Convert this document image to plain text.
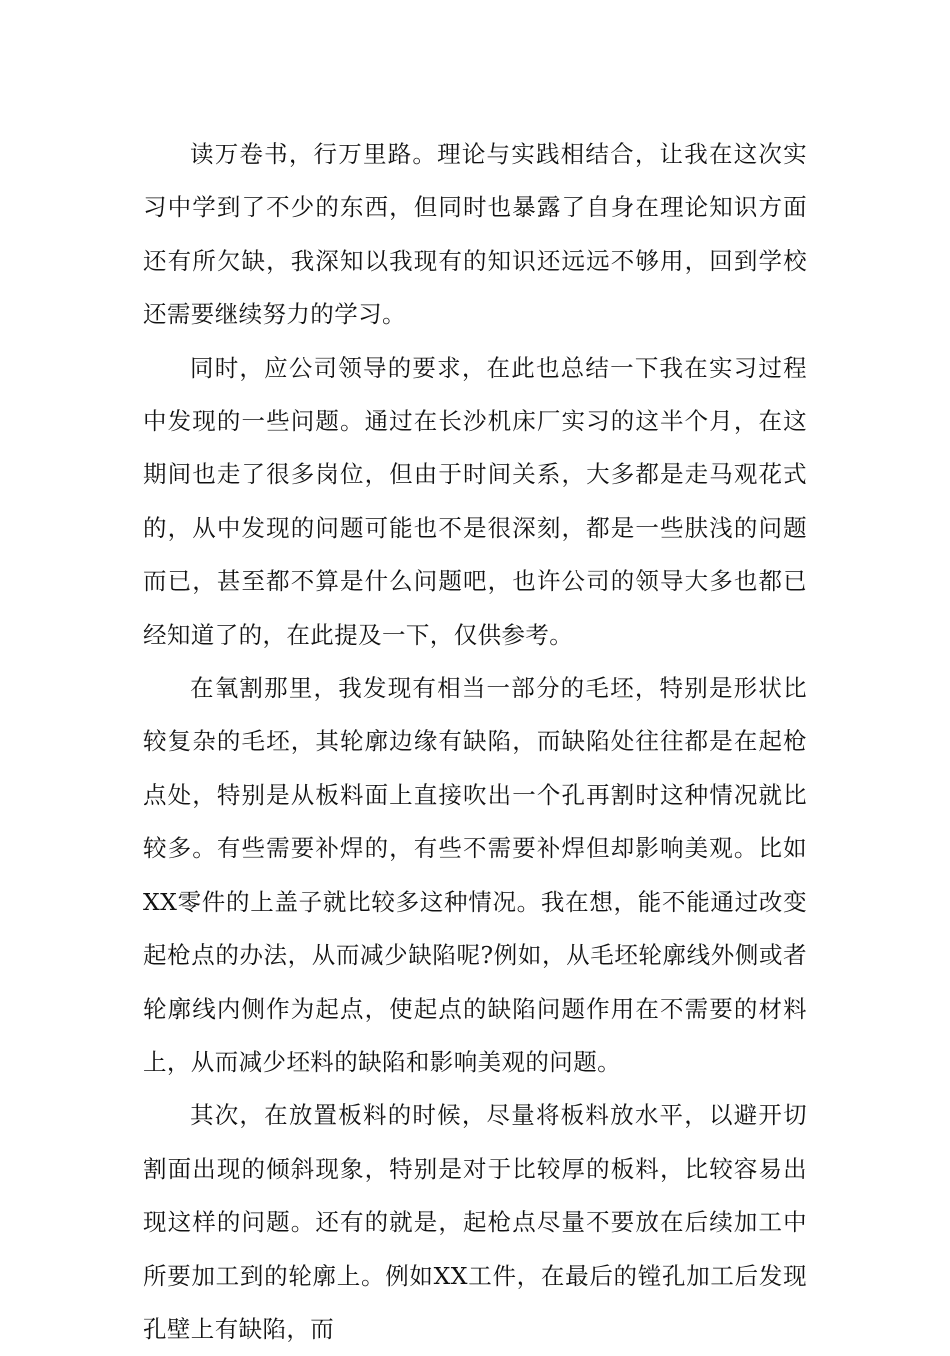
读万卷书，行万里路。理论与实践相结合，让我在这次实习中学到了不少的东西，但同时也暴露了自身在理论知识方面还有所欠缺，我深知以我现有的知识还远远不够用，回到学校还需要继续努力的学习。

同时，应公司领导的要求，在此也总结一下我在实习过程中发现的一些问题。通过在长沙机床厂实习的这半个月，在这期间也走了很多岗位，但由于时间关系，大多都是走马观花式的，从中发现的问题可能也不是很深刻，都是一些肤浅的问题而已，甚至都不算是什么问题吧，也许公司的领导大多也都已经知道了的，在此提及一下，仅供参考。

在氧割那里，我发现有相当一部分的毛坯，特别是形状比较复杂的毛坯，其轮廓边缘有缺陷，而缺陷处往往都是在起枪点处，特别是从板料面上直接吹出一个孔再割时这种情况就比较多。有些需要补焊的，有些不需要补焊但却影响美观。比如XX零件的上盖子就比较多这种情况。我在想，能不能通过改变起枪点的办法，从而减少缺陷呢?例如，从毛坯轮廓线外侧或者轮廓线内侧作为起点，使起点的缺陷问题作用在不需要的材料上，从而减少坯料的缺陷和影响美观的问题。

其次，在放置板料的时候，尽量将板料放水平，以避开切割面出现的倾斜现象，特别是对于比较厚的板料，比较容易出现这样的问题。还有的就是，起枪点尽量不要放在后续加工中所要加工到的轮廓上。例如XX工件，在最后的镗孔加工后发现孔壁上有缺陷，而
